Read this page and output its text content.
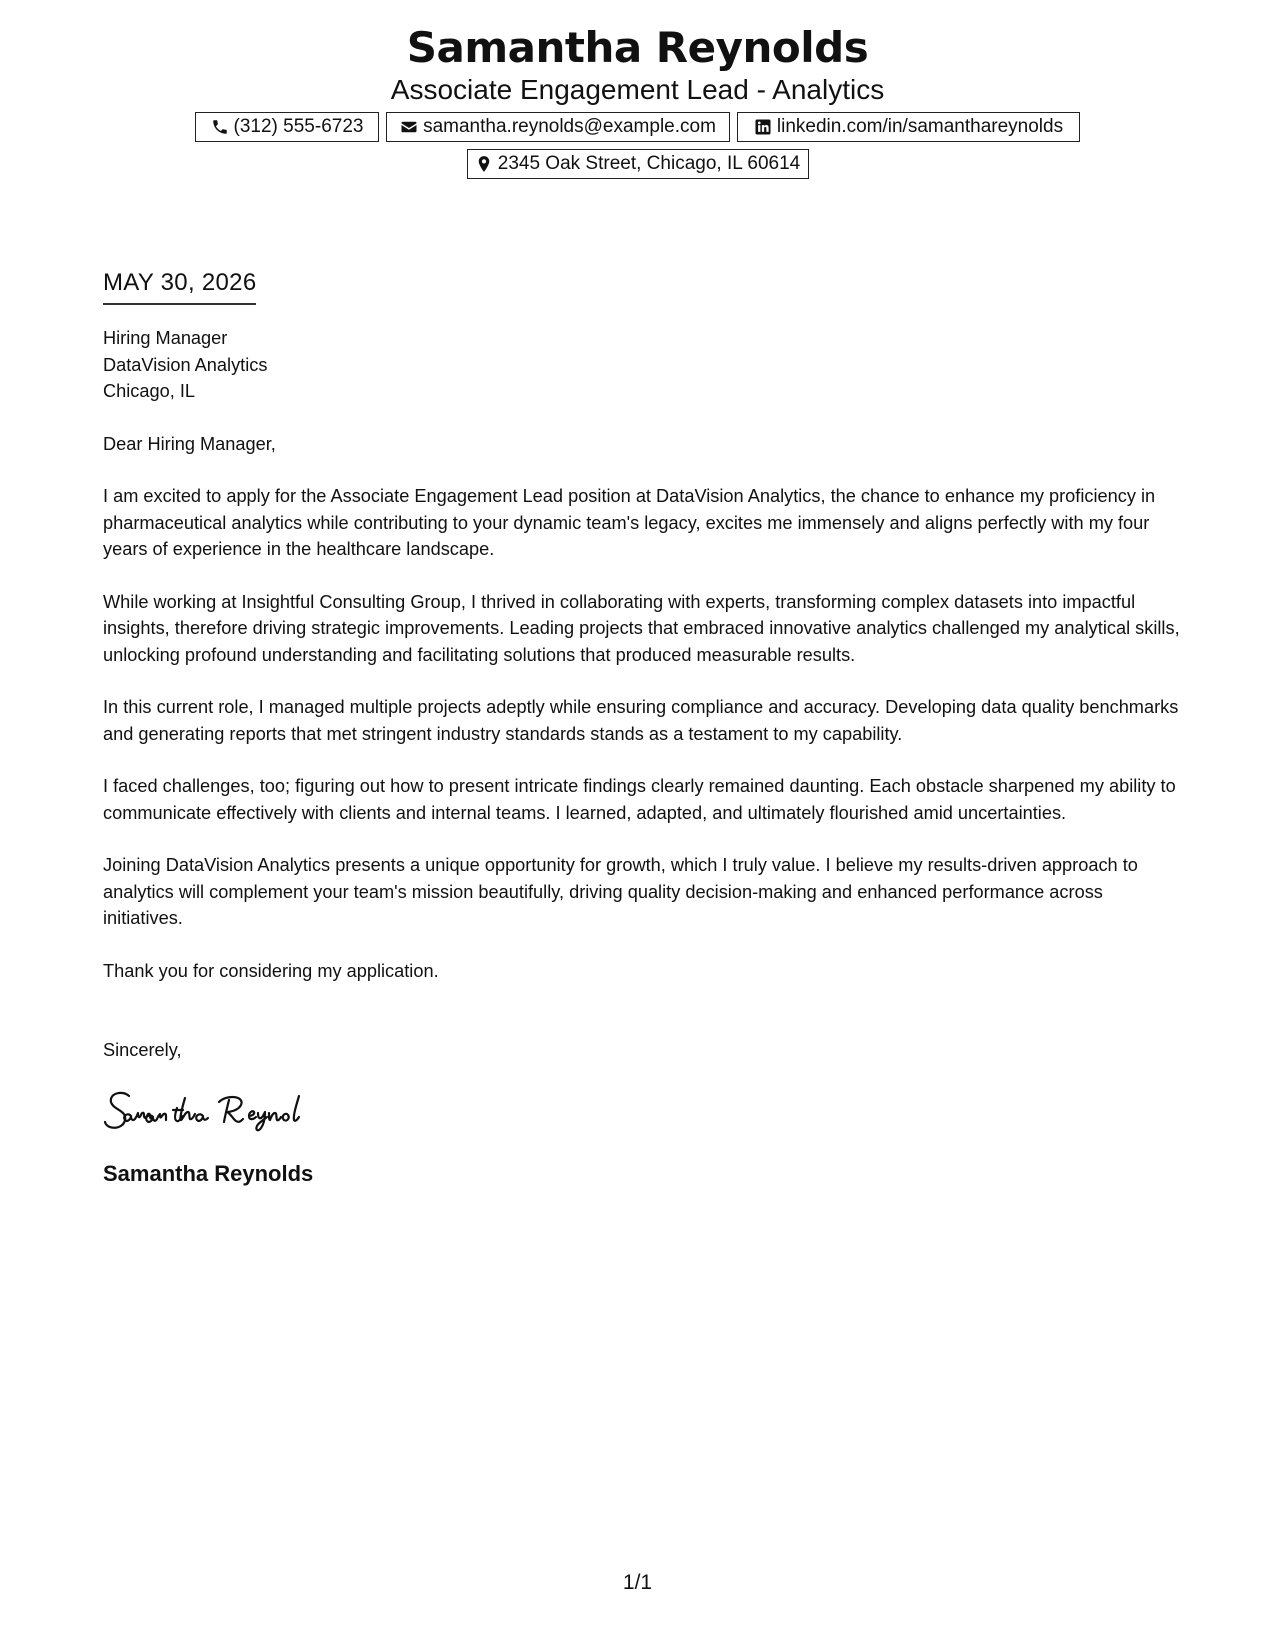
Samantha Reynolds
Associate Engagement Lead - Analytics
(312) 555-6723	samantha.reynolds@example.com	linkedin.com/in/samanthareynolds
2345 Oak Street, Chicago, IL 60614
MAY 30, 2026
Hiring Manager
DataVision Analytics
Chicago, IL

Dear Hiring Manager,

I am excited to apply for the Associate Engagement Lead position at DataVision Analytics, the chance to enhance my proficiency in pharmaceutical analytics while contributing to your dynamic team's legacy, excites me immensely and aligns perfectly with my four years of experience in the healthcare landscape.

While working at Insightful Consulting Group, I thrived in collaborating with experts, transforming complex datasets into impactful insights, therefore driving strategic improvements. Leading projects that embraced innovative analytics challenged my analytical skills, unlocking profound understanding and facilitating solutions that produced measurable results.

In this current role, I managed multiple projects adeptly while ensuring compliance and accuracy. Developing data quality benchmarks and generating reports that met stringent industry standards stands as a testament to my capability.

I faced challenges, too; figuring out how to present intricate findings clearly remained daunting. Each obstacle sharpened my ability to communicate effectively with clients and internal teams. I learned, adapted, and ultimately flourished amid uncertainties.

Joining DataVision Analytics presents a unique opportunity for growth, which I truly value. I believe my results-driven approach to analytics will complement your team's mission beautifully, driving quality decision-making and enhanced performance across initiatives.

Thank you for considering my application.

Sincerely,
Samantha Reynolds
1/1
